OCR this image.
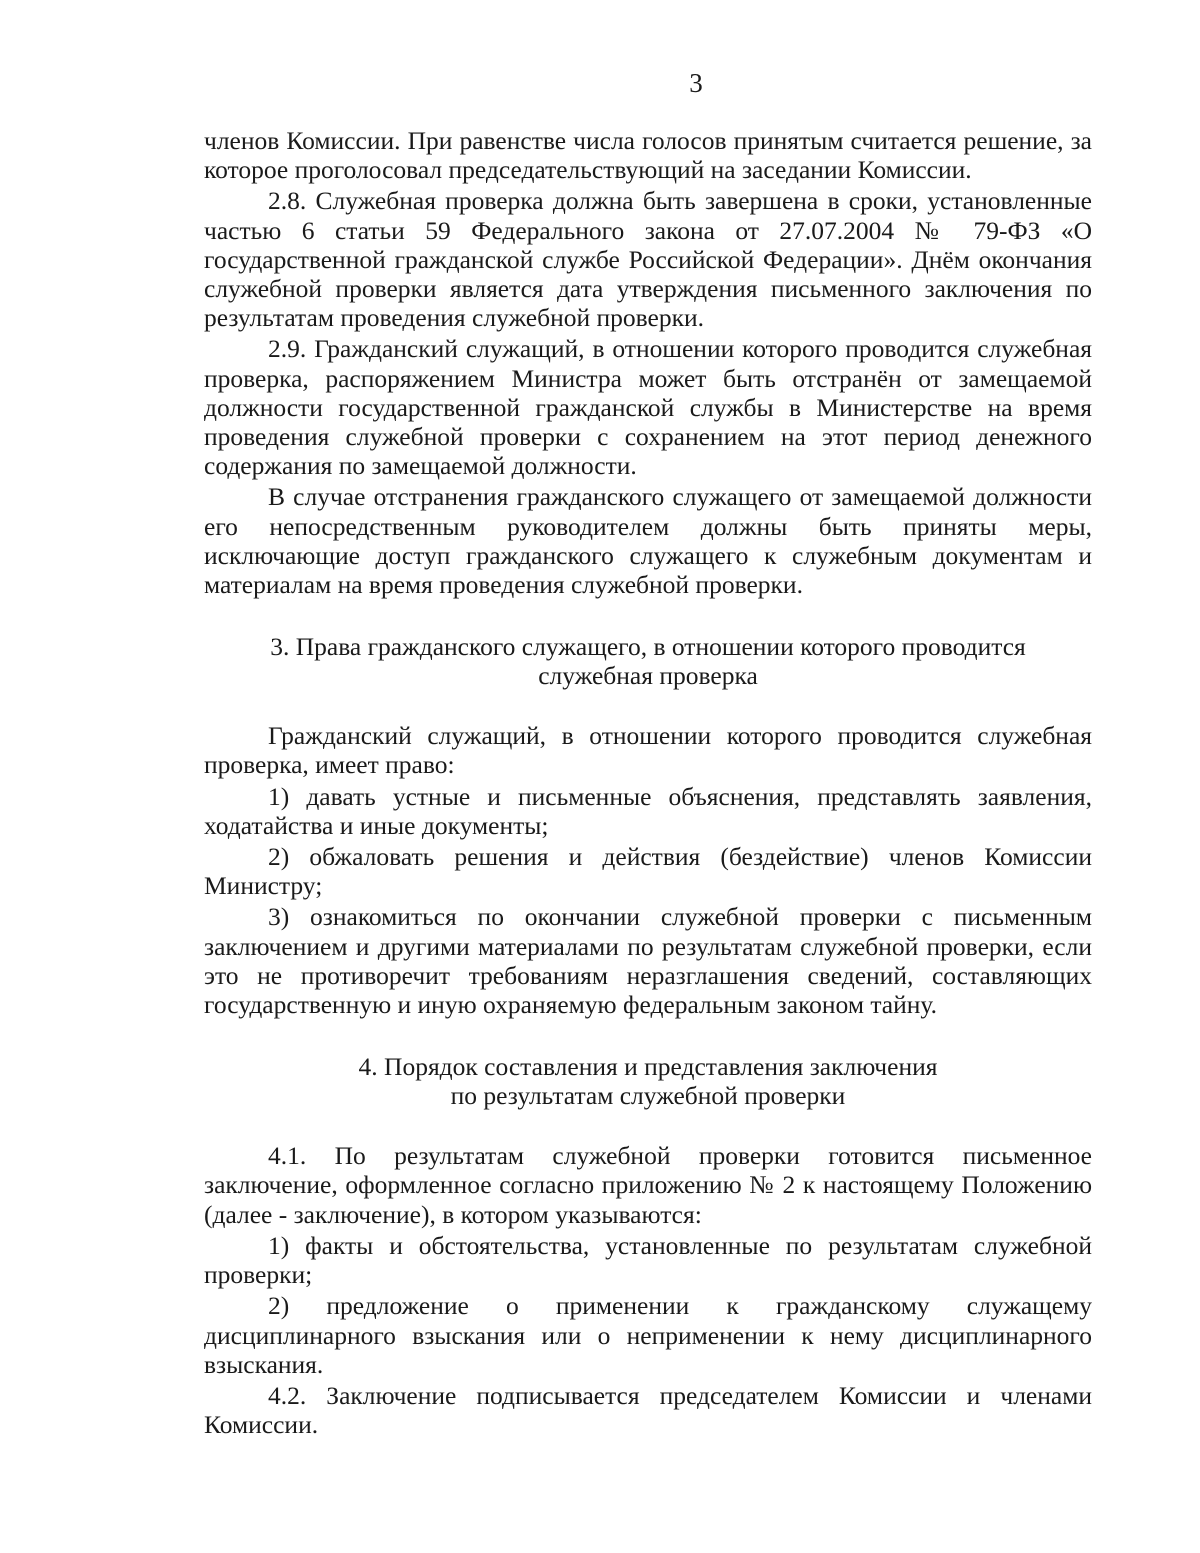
3

членов Комиссии. При равенстве числа голосов принятым считается решение, за которое проголосовал председательствующий на заседании Комиссии.

2.8. Служебная проверка должна быть завершена в сроки, установленные частью 6 статьи 59 Федерального закона от 27.07.2004 № 79-ФЗ «О государственной гражданской службе Российской Федерации». Днём окончания служебной проверки является дата утверждения письменного заключения по результатам проведения служебной проверки.

2.9. Гражданский служащий, в отношении которого проводится служебная проверка, распоряжением Министра может быть отстранён от замещаемой должности государственной гражданской службы в Министерстве на время проведения служебной проверки с сохранением на этот период денежного содержания по замещаемой должности.

В случае отстранения гражданского служащего от замещаемой должности его непосредственным руководителем должны быть приняты меры, исключающие доступ гражданского служащего к служебным документам и материалам на время проведения служебной проверки.

3. Права гражданского служащего, в отношении которого проводится

служебная проверка

Гражданский служащий, в отношении которого проводится служебная проверка, имеет право:

1) давать устные и письменные объяснения, представлять заявления, ходатайства и иные документы;

2) обжаловать решения и действия (бездействие) членов Комиссии Министру;

3) ознакомиться по окончании служебной проверки с письменным заключением и другими материалами по результатам служебной проверки, если это не противоречит требованиям неразглашения сведений, составляющих государственную и иную охраняемую федеральным законом тайну.

4. Порядок составления и представления заключения

по результатам служебной проверки

4.1. По результатам служебной проверки готовится письменное заключение, оформленное согласно приложению № 2 к настоящему Положению (далее - заключение), в котором указываются:

1) факты и обстоятельства, установленные по результатам служебной проверки;

2) предложение о применении к гражданскому служащему дисциплинарного взыскания или о неприменении к нему дисциплинарного взыскания.

4.2. Заключение подписывается председателем Комиссии и членами Комиссии.
